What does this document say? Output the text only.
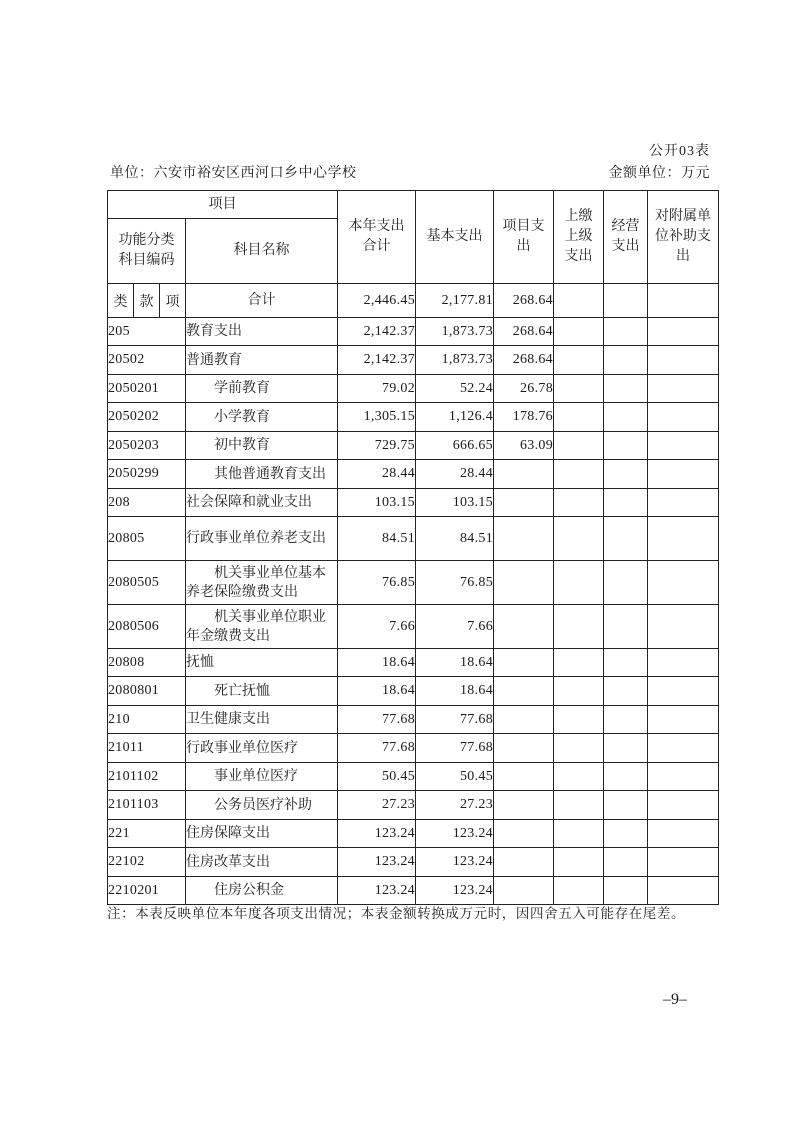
公开03表
单位：六安市裕安区西河口乡中心学校	金额单位：万元
项目				本年支出合计	基本支出	项目支出	上缴上级支出	经营支出	对附属单位补助支出
功能分类科目编码			科目名称						
类	款	项	合计	2,446.45	2,177.81	268.64			
205			教育支出	2,142.37	1,873.73	268.64			
20502			普通教育	2,142.37	1,873.73	268.64			
2050201			学前教育	79.02	52.24	26.78			
2050202			小学教育	1,305.15	1,126.4	178.76			
2050203			初中教育	729.75	666.65	63.09			
2050299			其他普通教育支出	28.44	28.44				
208			社会保障和就业支出	103.15	103.15				
20805			行政事业单位养老支出	84.51	84.51				
2080505			机关事业单位基本养老保险缴费支出	76.85	76.85				
2080506			机关事业单位职业年金缴费支出	7.66	7.66				
20808			抚恤	18.64	18.64				
2080801			死亡抚恤	18.64	18.64				
210			卫生健康支出	77.68	77.68				
21011			行政事业单位医疗	77.68	77.68				
2101102			事业单位医疗	50.45	50.45				
2101103			公务员医疗补助	27.23	27.23				
221			住房保障支出	123.24	123.24				
22102			住房改革支出	123.24	123.24				
2210201			住房公积金	123.24	123.24				
注：本表反映单位本年度各项支出情况；本表金额转换成万元时，因四舍五入可能存在尾差。
–9–
